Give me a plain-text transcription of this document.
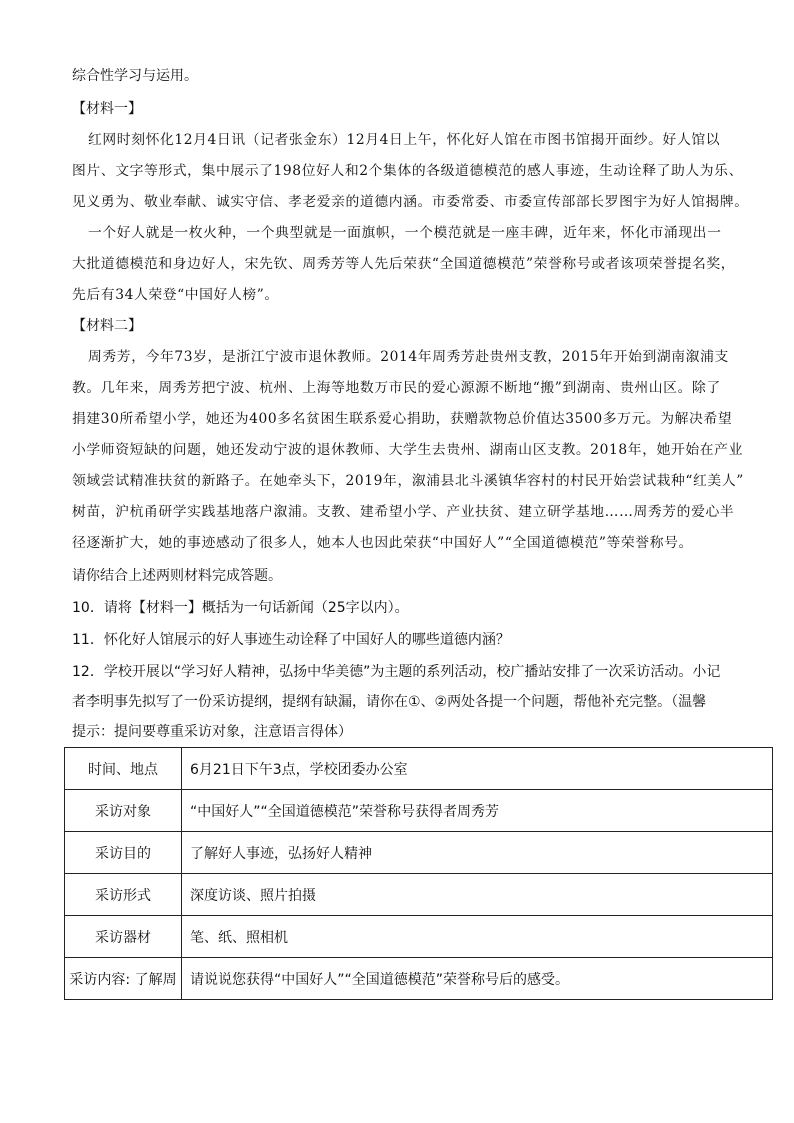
综合性学习与运用。
【材料一】
红网时刻怀化12月4日讯（记者张金东）12月4日上午，怀化好人馆在市图书馆揭开面纱。好人馆以
图片、文字等形式，集中展示了198位好人和2个集体的各级道德模范的感人事迹，生动诠释了助人为乐、
见义勇为、敬业奉献、诚实守信、孝老爱亲的道德内涵。市委常委、市委宣传部部长罗图宇为好人馆揭牌。
一个好人就是一枚火种，一个典型就是一面旗帜，一个模范就是一座丰碑，近年来，怀化市涌现出一
大批道德模范和身边好人，宋先钦、周秀芳等人先后荣获“全国道德模范”荣誉称号或者该项荣誉提名奖，
先后有34人荣登“中国好人榜”。
【材料二】
周秀芳，今年73岁，是浙江宁波市退休教师。2014年周秀芳赴贵州支教，2015年开始到湖南溆浦支
教。几年来，周秀芳把宁波、杭州、上海等地数万市民的爱心源源不断地“搬”到湖南、贵州山区。除了
捐建30所希望小学，她还为400多名贫困生联系爱心捐助，获赠款物总价值达3500多万元。为解决希望
小学师资短缺的问题，她还发动宁波的退休教师、大学生去贵州、湖南山区支教。2018年，她开始在产业
领域尝试精准扶贫的新路子。在她牵头下，2019年，溆浦县北斗溪镇华容村的村民开始尝试栽种“红美人”
树苗，沪杭甬研学实践基地落户溆浦。支教、建希望小学、产业扶贫、建立研学基地……周秀芳的爱心半
径逐渐扩大，她的事迹感动了很多人，她本人也因此荣获“中国好人”“全国道德模范”等荣誉称号。
请你结合上述两则材料完成答题。
10．请将【材料一】概括为一句话新闻（25字以内）。
11．怀化好人馆展示的好人事迹生动诠释了中国好人的哪些道德内涵？
12．学校开展以“学习好人精神，弘扬中华美德”为主题的系列活动，校广播站安排了一次采访活动。小记
者李明事先拟写了一份采访提纲，提纲有缺漏，请你在①、②两处各提一个问题，帮他补充完整。（温馨
提示：提问要尊重采访对象，注意语言得体）
时间、地点	6月21日下午3点，学校团委办公室
采访对象	“中国好人”“全国道德模范”荣誉称号获得者周秀芳
采访目的	了解好人事迹，弘扬好人精神
采访形式	深度访谈、照片拍摄
采访器材	笔、纸、照相机
采访内容: 了解周	请说说您获得“中国好人”“全国道德模范”荣誉称号后的感受。
